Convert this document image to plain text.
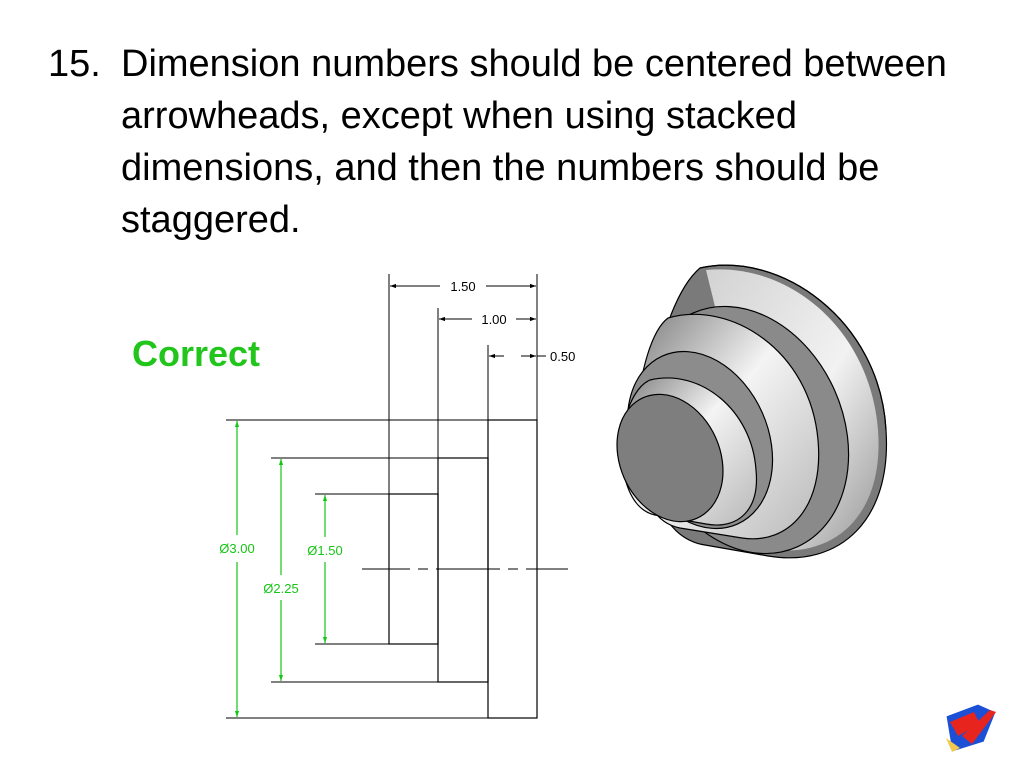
15. Dimension numbers should be centered between arrowheads, except when using stacked dimensions, and then the numbers should be staggered.
Correct
1.50
1.00
0.50
Ø3.00
Ø2.25
Ø1.50
